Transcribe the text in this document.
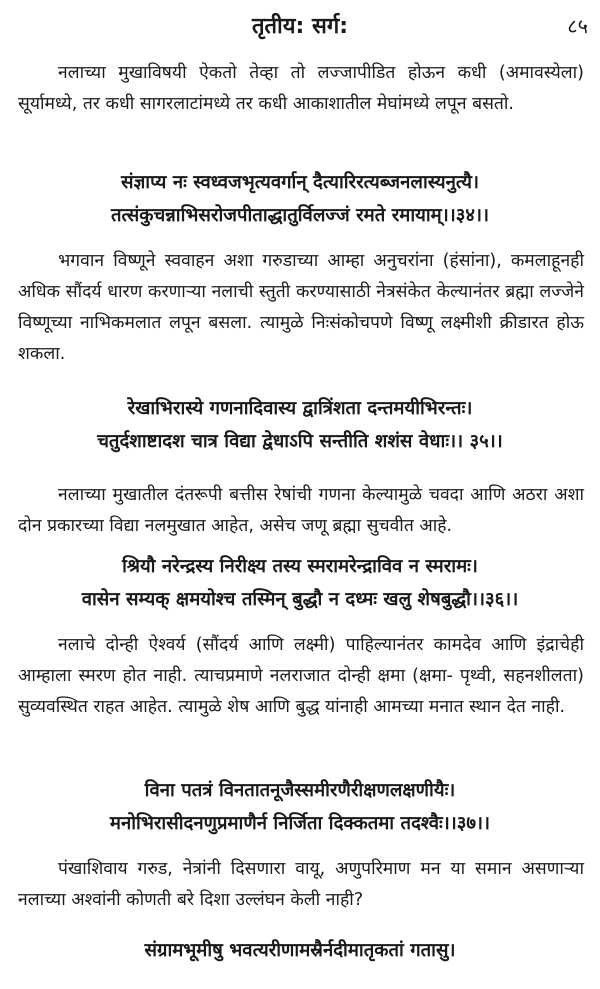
तृतीय: सर्ग:	८५
नलाच्या मुखाविषयी ऐकतो तेव्हा तो लज्जापीडित होऊन कधी (अमावस्येला) सूर्यामध्ये, तर कधी सागरलाटांमध्ये तर कधी आकाशातील मेघांमध्ये लपून बसतो.
संज्ञाप्य नः स्वध्वजभृत्यवर्गान् दैत्यारिरत्यब्जनलास्यनुत्यै।
तत्संकुचन्नाभिसरोजपीताद्धातुर्विलज्जं रमते रमायाम्।।३४।।
भगवान विष्णूने स्ववाहन अशा गरुडाच्या आम्हा अनुचरांना (हंसांना), कमलाहूनही अधिक सौंदर्य धारण करणाऱ्या नलाची स्तुती करण्यासाठी नेत्रसंकेत केल्यानंतर ब्रह्मा लज्जेने विष्णूच्या नाभिकमलात लपून बसला. त्यामुळे निःसंकोचपणे विष्णू लक्ष्मीशी क्रीडारत होऊ शकला.
रेखाभिरास्ये गणनादिवास्य द्वात्रिंशता दन्तमयीभिरन्तः।
चतुर्दशाष्टादश चात्र विद्या द्वेधाऽपि सन्तीति शशंस वेधाः।। ३५।।
नलाच्या मुखातील दंतरूपी बत्तीस रेषांची गणना केल्यामुळे चवदा आणि अठरा अशा दोन प्रकारच्या विद्या नलमुखात आहेत, असेच जणू ब्रह्मा सुचवीत आहे.
श्रियौ नरेन्द्रस्य निरीक्ष्य तस्य स्मरामरेन्द्राविव न स्मरामः।
वासेन सम्यक् क्षमयोश्च तस्मिन् बुद्धौ न दध्मः खलु शेषबुद्धौ।।३६।।
नलाचे दोन्ही ऐश्वर्य (सौंदर्य आणि लक्ष्मी) पाहिल्यानंतर कामदेव आणि इंद्राचेही आम्हाला स्मरण होत नाही. त्याचप्रमाणे नलराजात दोन्ही क्षमा (क्षमा- पृथ्वी, सहनशीलता) सुव्यवस्थित राहत आहेत. त्यामुळे शेष आणि बुद्ध यांनाही आमच्या मनात स्थान देत नाही.
विना पतत्रं विनतातनूजैस्समीरणैरीक्षणलक्षणीयैः।
मनोभिरासीदनणुप्रमाणैर्न निर्जिता दिक्कतमा तदश्वैः।।३७।।
पंखाशिवाय गरुड, नेत्रांनी दिसणारा वायू, अणुपरिमाण मन या समान असणाऱ्या नलाच्या अश्वांनी कोणती बरे दिशा उल्लंघन केली नाही?
संग्रामभूमीषु भवत्यरीणामस्रैर्नदीमातृकतां गतासु।
